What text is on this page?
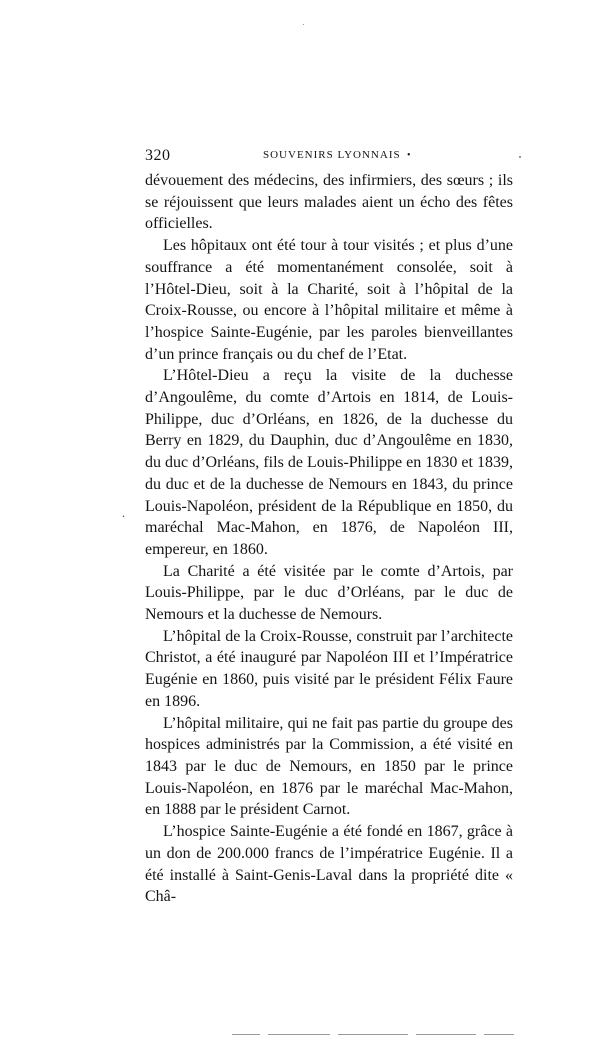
320	SOUVENIRS LYONNAIS •

dévouement des médecins, des infirmiers, des sœurs ; ils se réjouissent que leurs malades aient un écho des fêtes officielles.

Les hôpitaux ont été tour à tour visités ; et plus d’une souffrance a été momentanément consolée, soit à l’Hôtel-Dieu, soit à la Charité, soit à l’hôpital de la Croix-Rousse, ou encore à l’hôpital militaire et même à l’hospice Sainte-Eugénie, par les paroles bienveillantes d’un prince français ou du chef de l’Etat.

L’Hôtel-Dieu a reçu la visite de la duchesse d’Angoulême, du comte d’Artois en 1814, de Louis-Philippe, duc d’Orléans, en 1826, de la duchesse du Berry en 1829, du Dauphin, duc d’Angoulême en 1830, du duc d’Orléans, fils de Louis-Philippe en 1830 et 1839, du duc et de la duchesse de Nemours en 1843, du prince Louis-Napoléon, président de la République en 1850, du maréchal Mac-Mahon, en 1876, de Napoléon III, empereur, en 1860.

La Charité a été visitée par le comte d’Artois, par Louis-Philippe, par le duc d’Orléans, par le duc de Nemours et la duchesse de Nemours.

L’hôpital de la Croix-Rousse, construit par l’architecte Christot, a été inauguré par Napoléon III et l’Impératrice Eugénie en 1860, puis visité par le président Félix Faure en 1896.

L’hôpital militaire, qui ne fait pas partie du groupe des hospices administrés par la Commission, a été visité en 1843 par le duc de Nemours, en 1850 par le prince Louis-Napoléon, en 1876 par le maréchal Mac-Mahon, en 1888 par le président Carnot.

L’hospice Sainte-Eugénie a été fondé en 1867, grâce à un don de 200.000 francs de l’impératrice Eugénie. Il a été installé à Saint-Genis-Laval dans la propriété dite « Châ-

.
